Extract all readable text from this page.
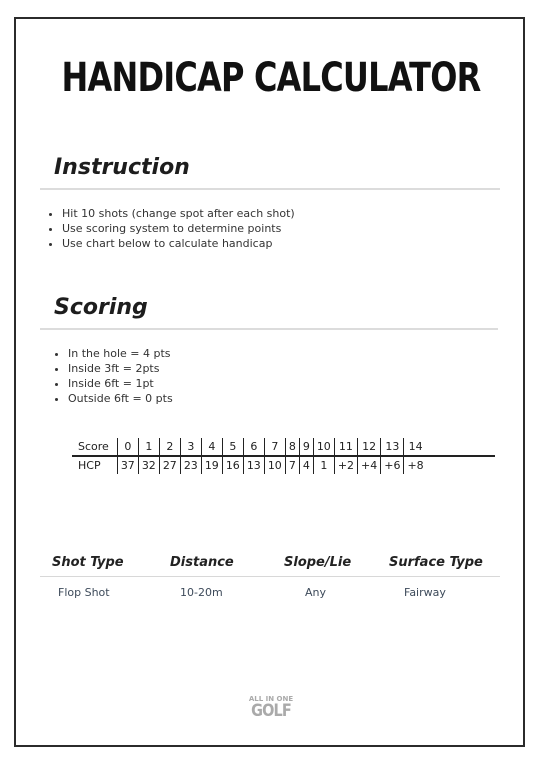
HANDICAP CALCULATOR
Instruction
• Hit 10 shots (change spot after each shot)
• Use scoring system to determine points
• Use chart below to calculate handicap
Scoring
• In the hole = 4 pts
• Inside 3ft = 2pts
• Inside 6ft = 1pt
• Outside 6ft = 0 pts
Score	0	1	2	3	4	5	6	7	8	9	10	11	12	13	14	
HCP	37	32	27	23	19	16	13	10	7	4	1	+2	+4	+6	+8	
Shot Type	Distance	Slope/Lie	Surface Type
Flop Shot	10-20m	Any	Fairway
ALL IN ONE
GOLF
